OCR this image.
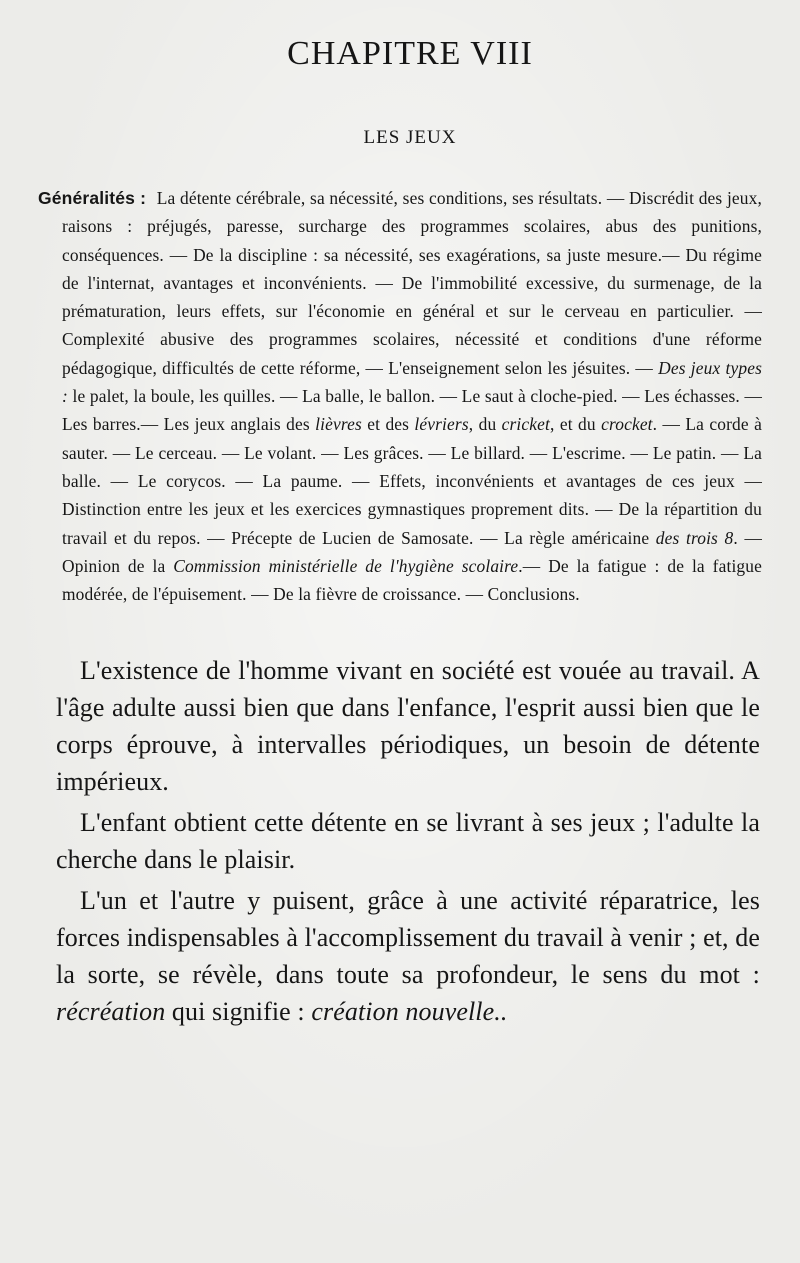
CHAPITRE VIII
LES JEUX
Généralités : La détente cérébrale, sa nécessité, ses conditions, ses résultats. — Discrédit des jeux, raisons : préjugés, paresse, surcharge des programmes scolaires, abus des punitions, conséquences. — De la discipline : sa nécessité, ses exagérations, sa juste mesure.— Du régime de l'internat, avantages et inconvénients. — De l'immobilité excessive, du surmenage, de la prématuration, leurs effets, sur l'économie en général et sur le cerveau en particulier. — Complexité abusive des programmes scolaires, nécessité et conditions d'une réforme pédagogique, difficultés de cette réforme, — L'enseignement selon les jésuites. — Des jeux types : le palet, la boule, les quilles. — La balle, le ballon. — Le saut à cloche-pied. — Les échasses. — Les barres.— Les jeux anglais des lièvres et des lévriers, du cricket, et du crocket. — La corde à sauter. — Le cerceau. — Le volant. — Les grâces. — Le billard. — L'escrime. — Le patin. — La balle. — Le corycos. — La paume. — Effets, inconvénients et avantages de ces jeux — Distinction entre les jeux et les exercices gymnastiques proprement dits. — De la répartition du travail et du repos. — Précepte de Lucien de Samosate. — La règle américaine des trois 8. — Opinion de la Commission ministérielle de l'hygiène scolaire.— De la fatigue : de la fatigue modérée, de l'épuisement. — De la fièvre de croissance. — Conclusions.

L'existence de l'homme vivant en société est vouée au travail. A l'âge adulte aussi bien que dans l'enfance, l'esprit aussi bien que le corps éprouve, à intervalles périodiques, un besoin de détente impérieux.

L'enfant obtient cette détente en se livrant à ses jeux ; l'adulte la cherche dans le plaisir.

L'un et l'autre y puisent, grâce à une activité réparatrice, les forces indispensables à l'accomplissement du travail à venir ; et, de la sorte, se révèle, dans toute sa profondeur, le sens du mot : récréation qui signifie : création nouvelle..
